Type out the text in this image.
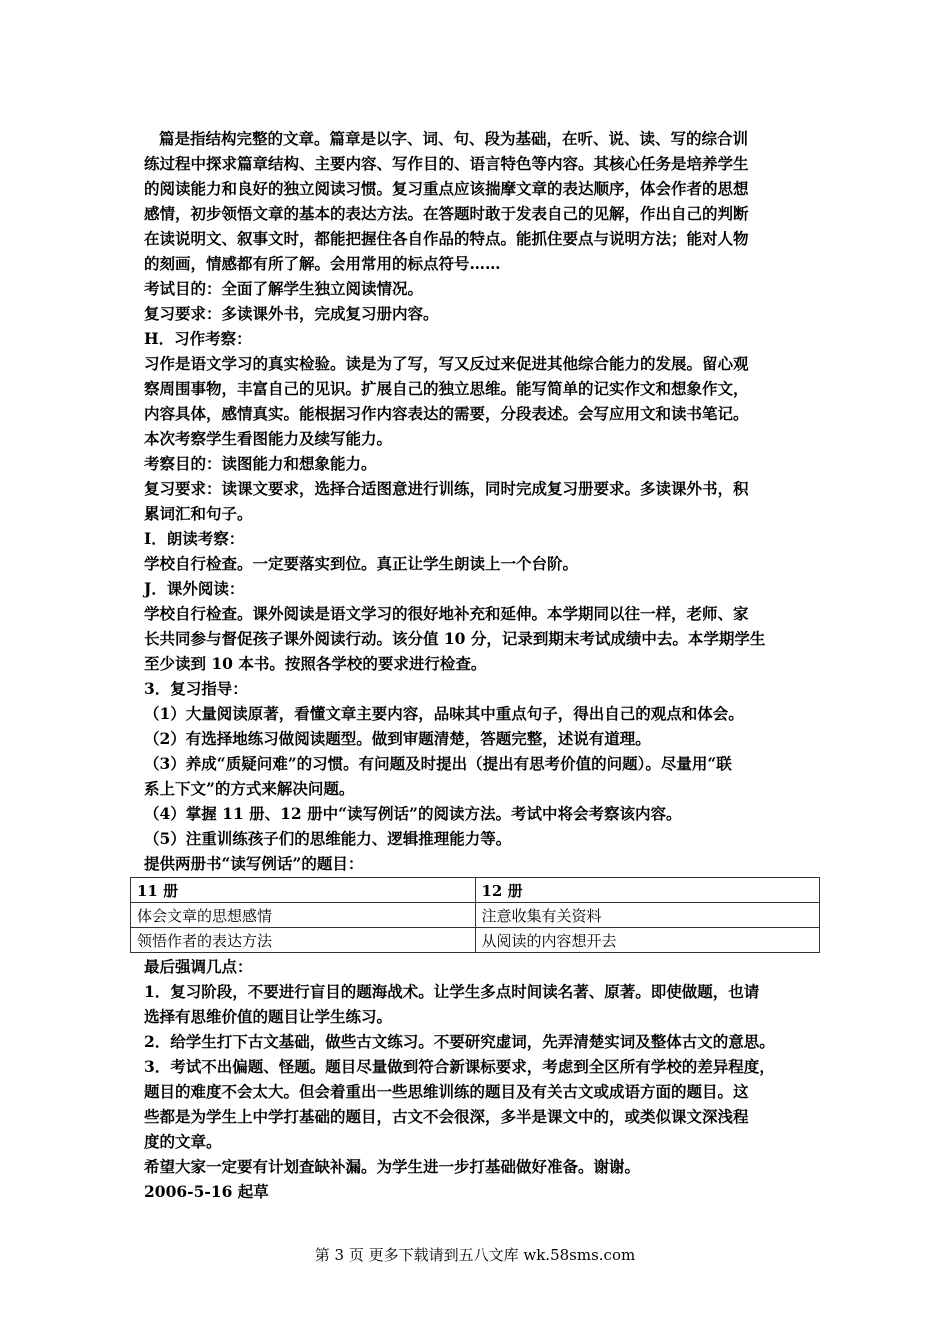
篇是指结构完整的文章。篇章是以字、词、句、段为基础，在听、说、读、写的综合训
练过程中探求篇章结构、主要内容、写作目的、语言特色等内容。其核心任务是培养学生
的阅读能力和良好的独立阅读习惯。复习重点应该揣摩文章的表达顺序，体会作者的思想
感情，初步领悟文章的基本的表达方法。在答题时敢于发表自己的见解，作出自己的判断
在读说明文、叙事文时，都能把握住各自作品的特点。能抓住要点与说明方法；能对人物
的刻画，情感都有所了解。会用常用的标点符号……
考试目的：全面了解学生独立阅读情况。
复习要求：多读课外书，完成复习册内容。
H．习作考察：
习作是语文学习的真实检验。读是为了写，写又反过来促进其他综合能力的发展。留心观
察周围事物，丰富自己的见识。扩展自己的独立思维。能写简单的记实作文和想象作文，
内容具体，感情真实。能根据习作内容表达的需要，分段表述。会写应用文和读书笔记。
本次考察学生看图能力及续写能力。
考察目的：读图能力和想象能力。
复习要求：读课文要求，选择合适图意进行训练，同时完成复习册要求。多读课外书，积
累词汇和句子。
I．朗读考察：
学校自行检查。一定要落实到位。真正让学生朗读上一个台阶。
J．课外阅读：
学校自行检查。课外阅读是语文学习的很好地补充和延伸。本学期同以往一样，老师、家
长共同参与督促孩子课外阅读行动。该分值 10 分，记录到期末考试成绩中去。本学期学生
至少读到 10 本书。按照各学校的要求进行检查。
3．复习指导：
（1）大量阅读原著，看懂文章主要内容，品味其中重点句子，得出自己的观点和体会。
（2）有选择地练习做阅读题型。做到审题清楚，答题完整，述说有道理。
（3）养成“质疑问难”的习惯。有问题及时提出（提出有思考价值的问题）。尽量用“联
系上下文”的方式来解决问题。
（4）掌握 11 册、12 册中“读写例话”的阅读方法。考试中将会考察该内容。
（5）注重训练孩子们的思维能力、逻辑推理能力等。
提供两册书“读写例话”的题目：
11 册	12 册
体会文章的思想感情	注意收集有关资料
领悟作者的表达方法	从阅读的内容想开去
最后强调几点：
1．复习阶段，不要进行盲目的题海战术。让学生多点时间读名著、原著。即使做题，也请
选择有思维价值的题目让学生练习。
2．给学生打下古文基础，做些古文练习。不要研究虚词，先弄清楚实词及整体古文的意思。
3．考试不出偏题、怪题。题目尽量做到符合新课标要求，考虑到全区所有学校的差异程度，
题目的难度不会太大。但会着重出一些思维训练的题目及有关古文或成语方面的题目。这
些都是为学生上中学打基础的题目，古文不会很深，多半是课文中的，或类似课文深浅程
度的文章。
希望大家一定要有计划查缺补漏。为学生进一步打基础做好准备。谢谢。
2006-5-16 起草
第 3 页 更多下载请到五八文库 wk.58sms.com
